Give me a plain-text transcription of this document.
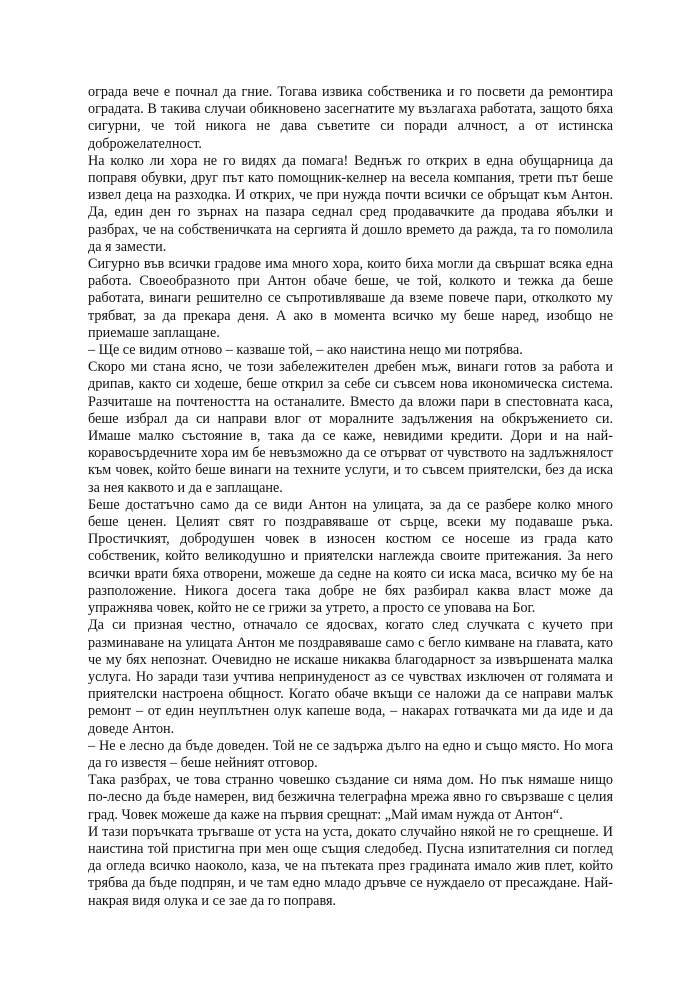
ограда вече е почнал да гние. Тогава извика собственика и го посвети да ремонтира оградата. В такива случаи обикновено засегнатите му възлагаха работата, защото бяха сигурни, че той никога не дава съветите си поради алчност, а от истинска доброжелателност.

На колко ли хора не го видях да помага! Веднъж го открих в една обущарница да поправя обувки, друг път като помощник-келнер на весела компания, трети път беше извел деца на разходка. И открих, че при нужда почти всички се обръщат към Антон. Да, един ден го зърнах на пазара седнал сред продавачките да продава ябълки и разбрах, че на собственичката на сергията й дошло времето да ражда, та го помолила да я замести.

Сигурно във всички градове има много хора, които биха могли да свършат всяка една работа. Своеобразното при Антон обаче беше, че той, колкото и тежка да беше работата, винаги решително се съпротивляваше да вземе повече пари, отколкото му трябват, за да прекара деня. А ако в момента всичко му беше наред, изобщо не приемаше заплащане.

– Ще се видим отново – казваше той, – ако наистина нещо ми потрябва.

Скоро ми стана ясно, че този забележителен дребен мъж, винаги готов за работа и дрипав, както си ходеше, беше открил за себе си съвсем нова икономическа система. Разчиташе на почтеността на останалите. Вместо да вложи пари в спестовната каса, беше избрал да си направи влог от моралните задължения на обкръжението си. Имаше малко състояние в, така да се каже, невидими кредити. Дори и на най-коравосърдечните хора им бе невъзможно да се отърват от чувството на задлъжнялост към човек, който беше винаги на техните услуги, и то съвсем приятелски, без да иска за нея каквото и да е заплащане.

Беше достатъчно само да се види Антон на улицата, за да се разбере колко много беше ценен. Целият свят го поздравяваше от сърце, всеки му подаваше ръка. Простичкият, добродушен човек в износен костюм се носеше из града като собственик, който великодушно и приятелски наглежда своите притежания. За него всички врати бяха отворени, можеше да седне на която си иска маса, всичко му бе на разположение. Никога досега така добре не бях разбирал каква власт може да упражнява човек, който не се грижи за утрето, а просто се уповава на Бог.

Да си призная честно, отначало се ядосвах, когато след случката с кучето при разминаване на улицата Антон ме поздравяваше само с бегло кимване на главата, като че му бях непознат. Очевидно не искаше никаква благодарност за извършената малка услуга. Но заради тази учтива непринуденост аз се чувствах изключен от голямата и приятелски настроена общност. Когато обаче вкъщи се наложи да се направи малък ремонт – от един неуплътнен олук капеше вода, – накарах готвачката ми да иде и да доведе Антон.

– Не е лесно да бъде доведен. Той не се задържа дълго на едно и също място. Но мога да го известя – беше нейният отговор.

Така разбрах, че това странно човешко създание си няма дом. Но пък нямаше нищо по-лесно да бъде намерен, вид безжична телеграфна мрежа явно го свързваше с целия град. Човек можеше да каже на първия срещнат: „Май имам нужда от Антон“.

И тази поръчката тръгваше от уста на уста, докато случайно някой не го срещнеше. И наистина той пристигна при мен още същия следобед. Пусна изпитателния си поглед да огледа всичко наоколо, каза, че на пътеката през градината имало жив плет, който трябва да бъде подпрян, и че там едно младо дръвче се нуждаело от пресаждане. Най-накрая видя олука и се зае да го поправя.
